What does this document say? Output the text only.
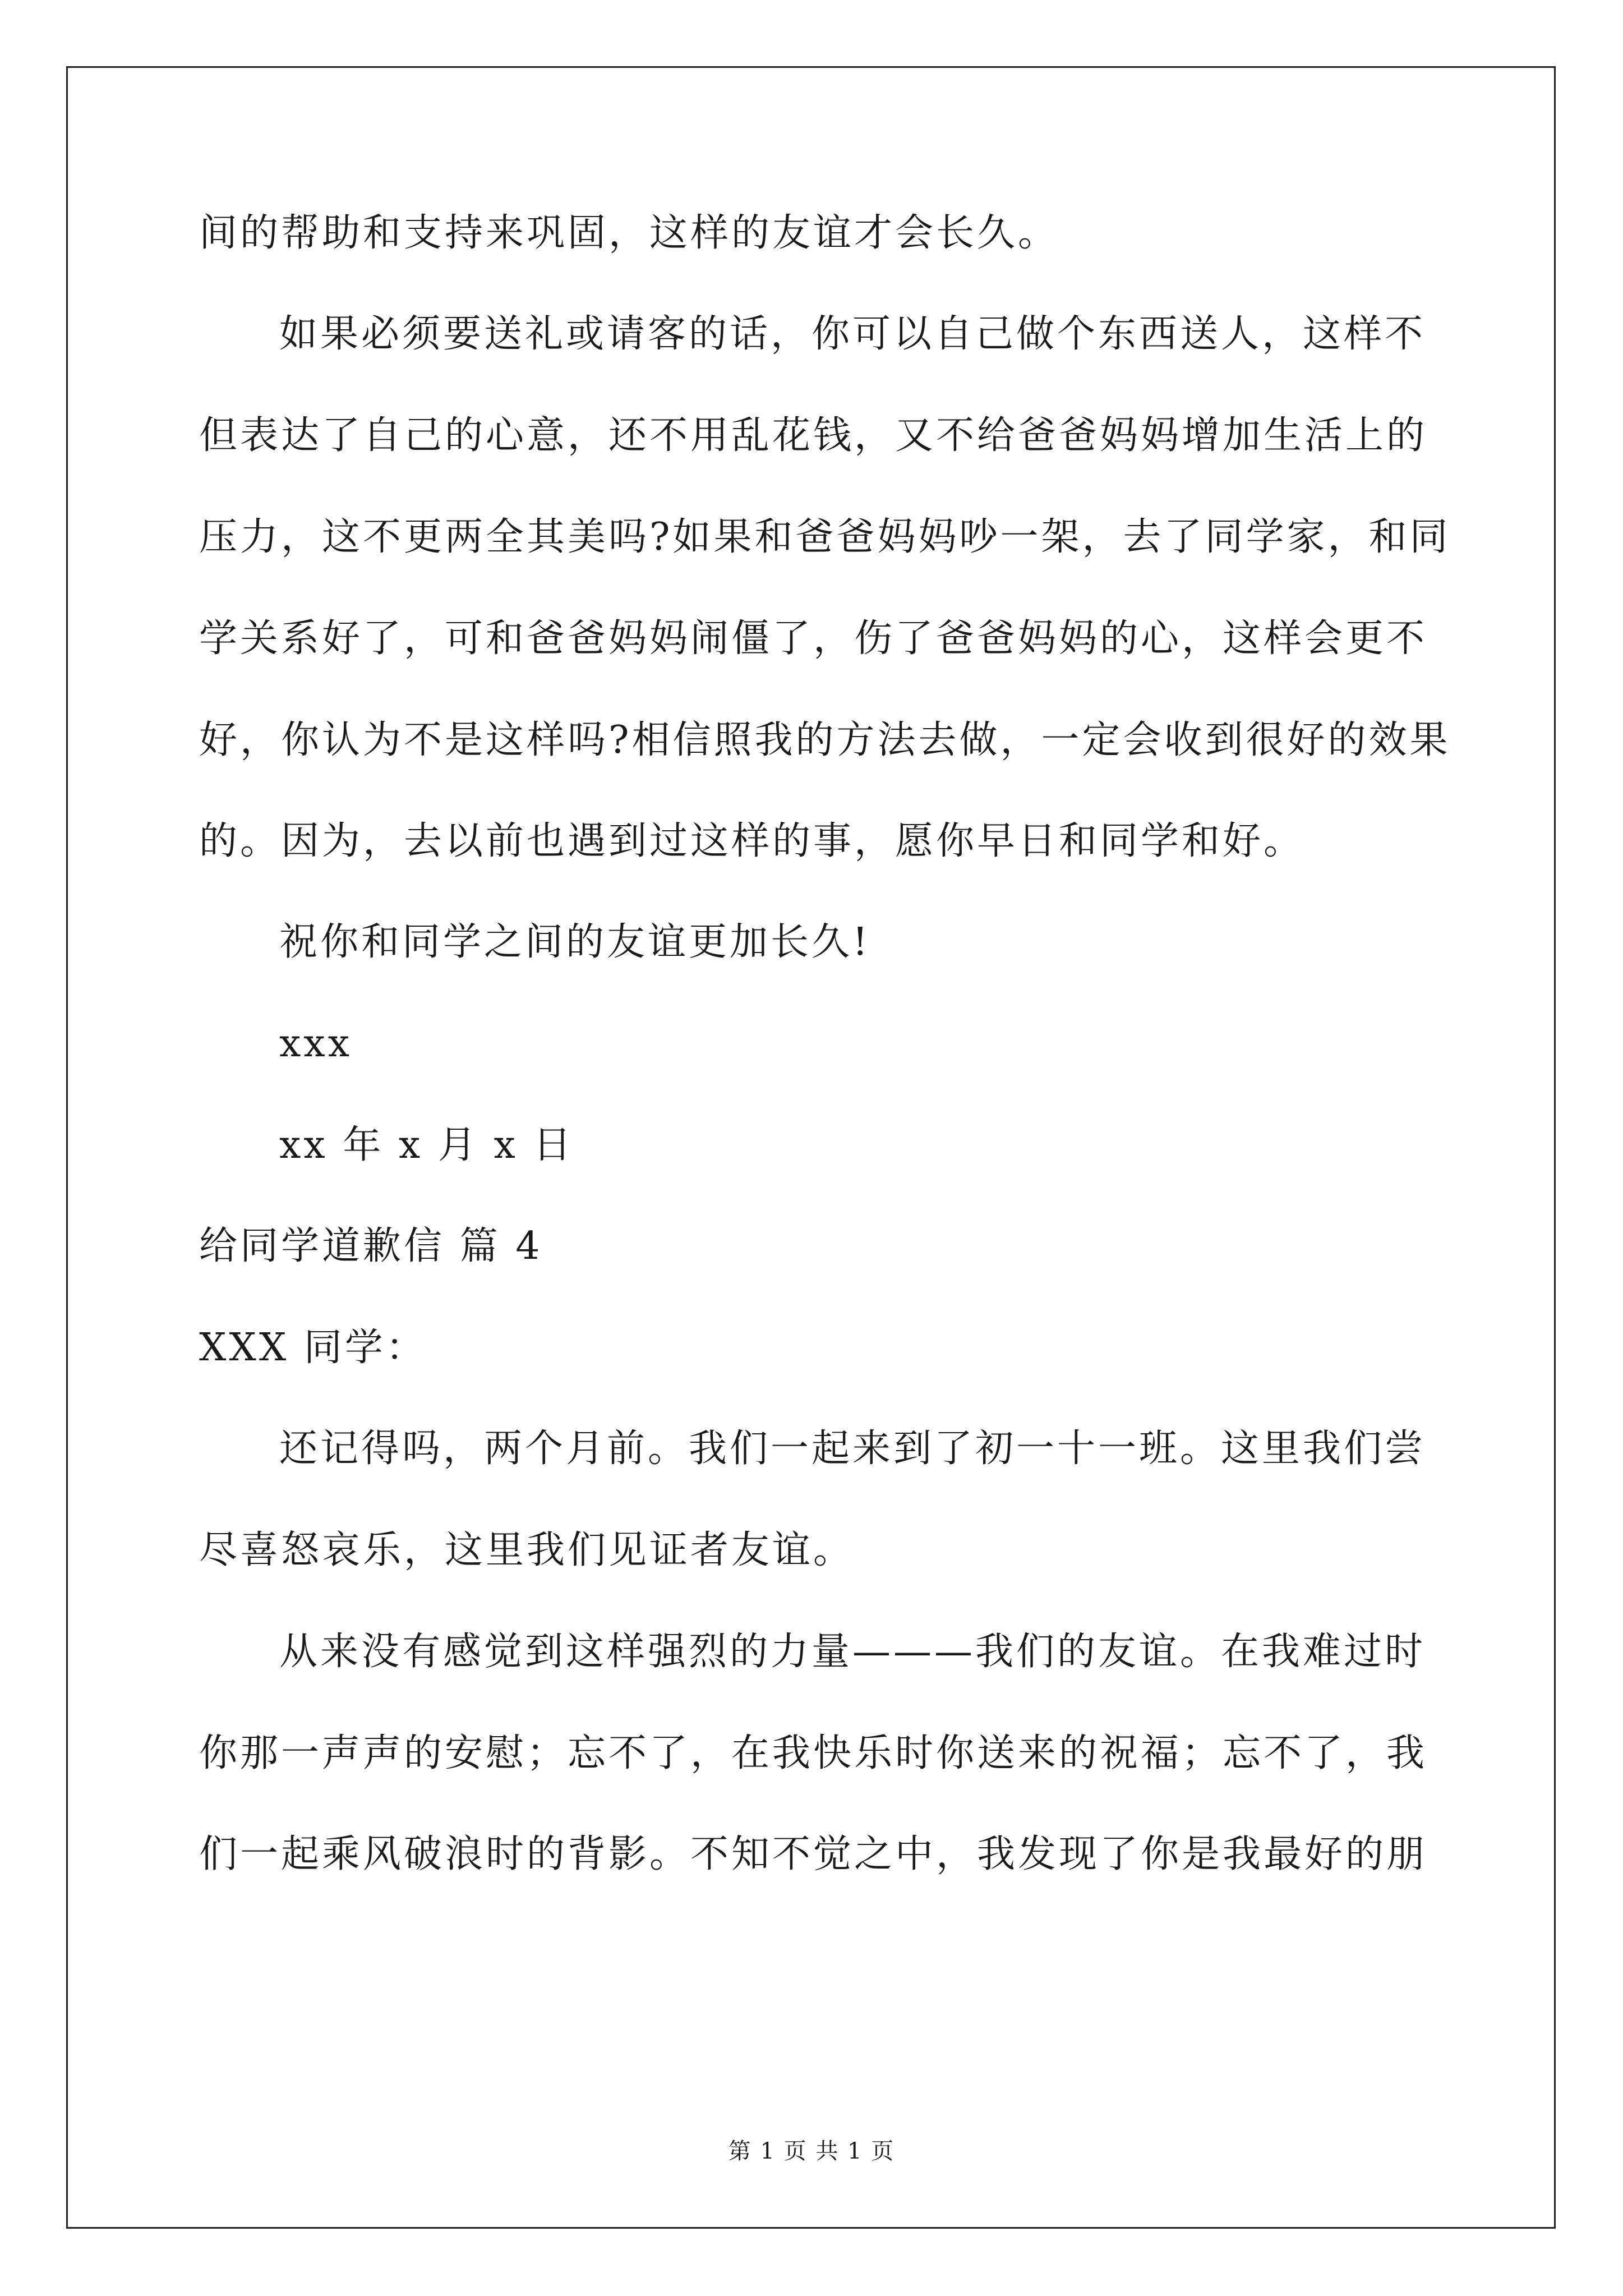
间的帮助和支持来巩固，这样的友谊才会长久。
如果必须要送礼或请客的话，你可以自己做个东西送人，这样不
但表达了自己的心意，还不用乱花钱，又不给爸爸妈妈增加生活上的
压力，这不更两全其美吗?如果和爸爸妈妈吵一架，去了同学家，和同
学关系好了，可和爸爸妈妈闹僵了，伤了爸爸妈妈的心，这样会更不
好，你认为不是这样吗?相信照我的方法去做，一定会收到很好的效果
的。因为，去以前也遇到过这样的事，愿你早日和同学和好。
祝你和同学之间的友谊更加长久!
xxx
xx 年 x 月 x 日
给同学道歉信 篇 4
XXX 同学：
还记得吗，两个月前。我们一起来到了初一十一班。这里我们尝
尽喜怒哀乐，这里我们见证者友谊。
从来没有感觉到这样强烈的力量———我们的友谊。在我难过时
你那一声声的安慰；忘不了，在我快乐时你送来的祝福；忘不了，我
们一起乘风破浪时的背影。不知不觉之中，我发现了你是我最好的朋
第 1 页 共 1 页
